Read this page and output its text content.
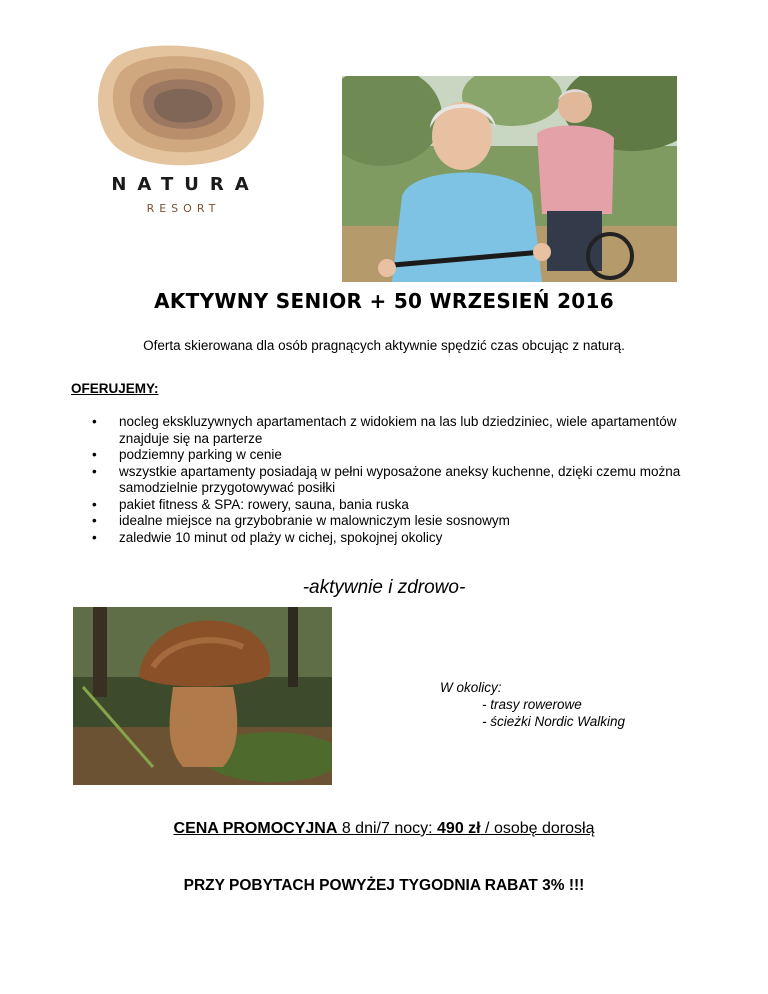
NATURA
RESORT
AKTYWNY SENIOR + 50 WRZESIEŃ 2016
Oferta skierowana dla osób pragnących aktywnie spędzić czas obcując z naturą.
OFERUJEMY:
• nocleg ekskluzywnych apartamentach z widokiem na las lub dziedziniec, wiele apartamentów znajduje się na parterze
• podziemny parking w cenie
• wszystkie apartamenty posiadają w pełni wyposażone aneksy kuchenne, dzięki czemu można samodzielnie przygotowywać posiłki
• pakiet fitness & SPA: rowery, sauna, bania ruska
• idealne miejsce na grzybobranie w malowniczym lesie sosnowym
• zaledwie 10 minut od plaży w cichej, spokojnej okolicy
-aktywnie i zdrowo-
W okolicy:
- trasy rowerowe
- ścieżki Nordic Walking
CENA PROMOCYJNA 8 dni/7 nocy: 490 zł / osobę dorosłą
PRZY POBYTACH POWYŻEJ TYGODNIA RABAT 3% !!!
